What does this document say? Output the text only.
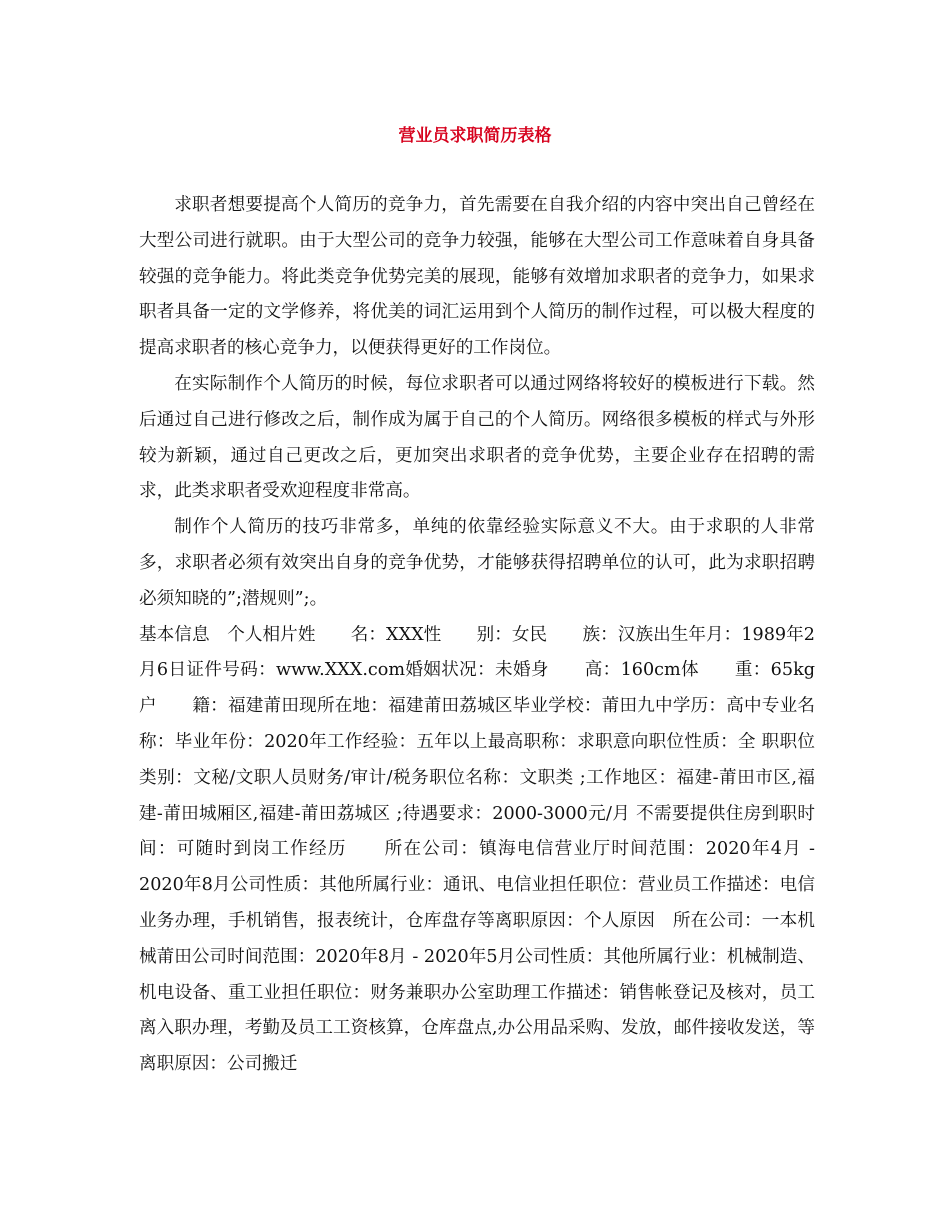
营业员求职简历表格

求职者想要提高个人简历的竞争力，首先需要在自我介绍的内容中突出自己曾经在大型公司进行就职。由于大型公司的竞争力较强，能够在大型公司工作意味着自身具备较强的竞争能力。将此类竞争优势完美的展现，能够有效增加求职者的竞争力，如果求职者具备一定的文学修养，将优美的词汇运用到个人简历的制作过程，可以极大程度的提高求职者的核心竞争力，以便获得更好的工作岗位。

在实际制作个人简历的时候，每位求职者可以通过网络将较好的模板进行下载。然后通过自己进行修改之后，制作成为属于自己的个人简历。网络很多模板的样式与外形较为新颖，通过自己更改之后，更加突出求职者的竞争优势，主要企业存在招聘的需求，此类求职者受欢迎程度非常高。

制作个人简历的技巧非常多，单纯的依靠经验实际意义不大。由于求职的人非常多，求职者必须有效突出自身的竞争优势，才能够获得招聘单位的认可，此为求职招聘必须知晓的”;潜规则”;。

基本信息　个人相片姓　　名：XXX性　　别：女民　　族：汉族出生年月：1989年2月6日证件号码：www.XXX.com婚姻状况：未婚身　　高：160cm体　　重：65kg户　　籍：福建莆田现所在地：福建莆田荔城区毕业学校：莆田九中学历：高中专业名称：毕业年份：2020年工作经验：五年以上最高职称：求职意向职位性质：全 职职位类别：文秘/文职人员财务/审计/税务职位名称：文职类 ;工作地区：福建-莆田市区,福建-莆田城厢区,福建-莆田荔城区 ;待遇要求：2000-3000元/月 不需要提供住房到职时间：可随时到岗工作经历　　所在公司：镇海电信营业厅时间范围：2020年4月 - 2020年8月公司性质：其他所属行业：通讯、电信业担任职位：营业员工作描述：电信业务办理，手机销售，报表统计，仓库盘存等离职原因：个人原因　所在公司：一本机械莆田公司时间范围：2020年8月 - 2020年5月公司性质：其他所属行业：机械制造、机电设备、重工业担任职位：财务兼职办公室助理工作描述：销售帐登记及核对，员工离入职办理，考勤及员工工资核算，仓库盘点,办公用品采购、发放，邮件接收发送，等离职原因：公司搬迁
